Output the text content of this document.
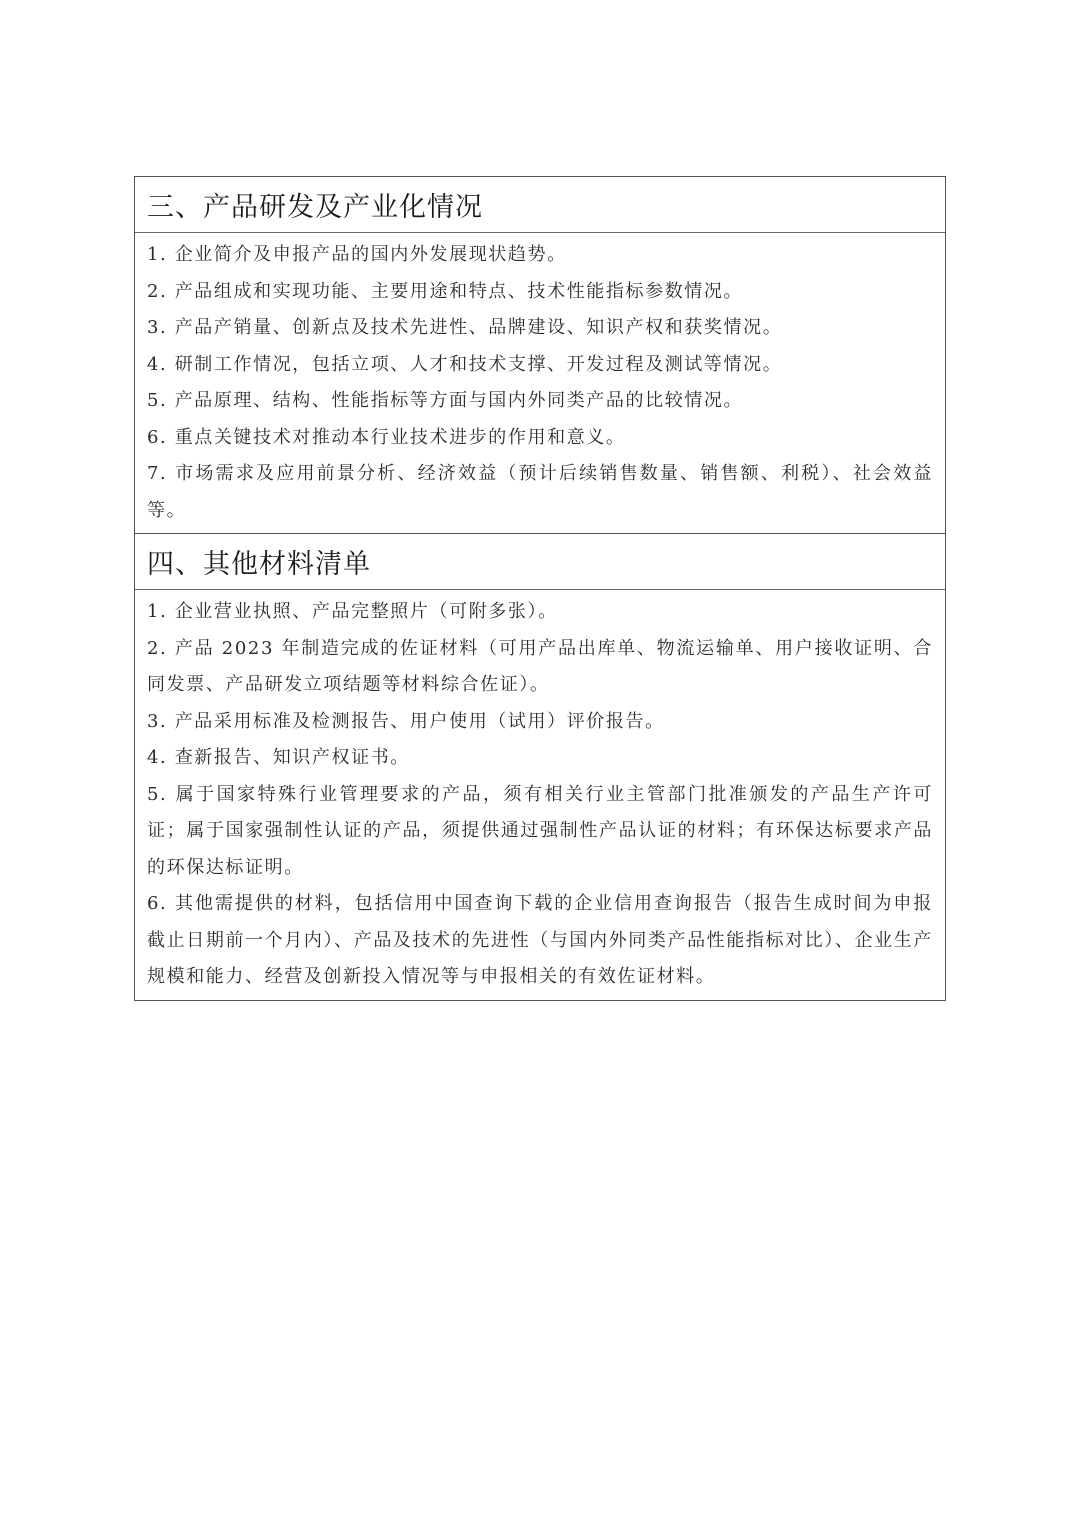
三、产品研发及产业化情况

1. 企业简介及申报产品的国内外发展现状趋势。

2. 产品组成和实现功能、主要用途和特点、技术性能指标参数情况。

3. 产品产销量、创新点及技术先进性、品牌建设、知识产权和获奖情况。

4. 研制工作情况，包括立项、人才和技术支撑、开发过程及测试等情况。

5. 产品原理、结构、性能指标等方面与国内外同类产品的比较情况。

6. 重点关键技术对推动本行业技术进步的作用和意义。

7. 市场需求及应用前景分析、经济效益（预计后续销售数量、销售额、利税）、社会效益等。

四、其他材料清单

1. 企业营业执照、产品完整照片（可附多张）。

2. 产品 2023 年制造完成的佐证材料（可用产品出库单、物流运输单、用户接收证明、合同发票、产品研发立项结题等材料综合佐证）。

3. 产品采用标准及检测报告、用户使用（试用）评价报告。

4. 查新报告、知识产权证书。

5. 属于国家特殊行业管理要求的产品，须有相关行业主管部门批准颁发的产品生产许可证；属于国家强制性认证的产品，须提供通过强制性产品认证的材料；有环保达标要求产品的环保达标证明。

6. 其他需提供的材料，包括信用中国查询下载的企业信用查询报告（报告生成时间为申报截止日期前一个月内）、产品及技术的先进性（与国内外同类产品性能指标对比）、企业生产规模和能力、经营及创新投入情况等与申报相关的有效佐证材料。
